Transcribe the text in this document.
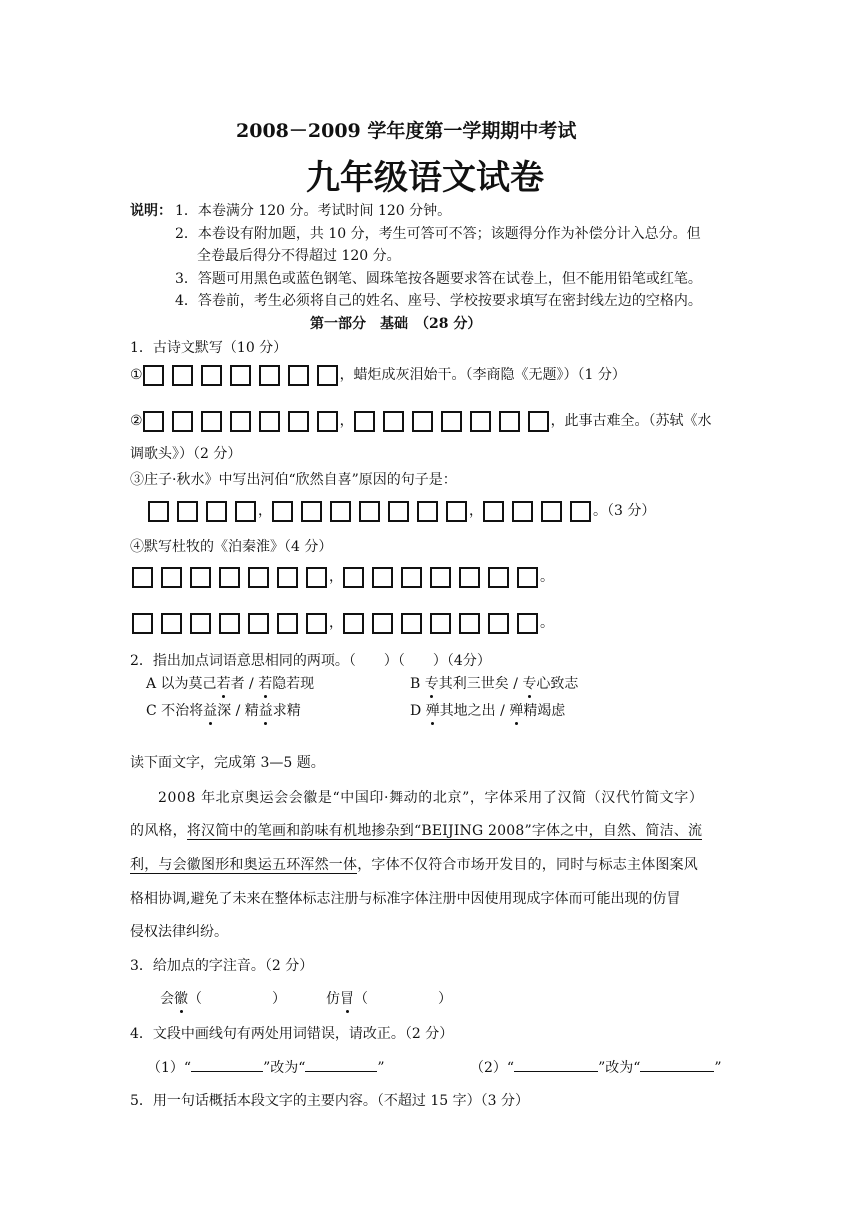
2008－2009 学年度第一学期期中考试
九年级语文试卷
说明： 1．本卷满分 120 分。考试时间 120 分钟。
2．本卷设有附加题，共 10 分，考生可答可不答；该题得分作为补偿分计入总分。但
全卷最后得分不得超过 120 分。
3．答题可用黑色或蓝色钢笔、圆珠笔按各题要求答在试卷上，但不能用铅笔或红笔。
4．答卷前，考生必须将自己的姓名、座号、学校按要求填写在密封线左边的空格内。
第一部分　基础　（28 分）
1．古诗文默写（10 分）
①	，蜡炬成灰泪始干。（李商隐《无题》）（1 分）
②	，	，此事古难全。（苏轼《水
调歌头》）（2 分）
③庄子·秋水》中写出河伯“欣然自喜”原因的句子是：
，	，	。（3 分）
④默写杜牧的《泊秦淮》（4 分）
，	。
，	。
2．指出加点词语意思相同的两项。（　　）（　　）（4分）
A 以为莫己若者 / 若隐若现	B 专其利三世矣 / 专心致志
C 不治将益深 / 精益求精	D 殚其地之出 / 殚精竭虑
读下面文字，完成第 3—5 题。
2008 年北京奥运会会徽是“中国印·舞动的北京”，字体采用了汉简（汉代竹简文字）
的风格，将汉简中的笔画和韵味有机地掺杂到“BEIJING 2008”字体之中，自然、简洁、流
利，与会徽图形和奥运五环浑然一体，字体不仅符合市场开发目的，同时与标志主体图案风
格相协调,避免了未来在整体标志注册与标准字体注册中因使用现成字体而可能出现的仿冒
侵权法律纠纷。
3．给加点的字注音。（2 分）
会徽（　　　　　）	仿冒（　　　　　）
4．文段中画线句有两处用词错误，请改正。（2 分）
（1）“	”改为“	”	（2）“	”改为“	”
5．用一句话概括本段文字的主要内容。（不超过 15 字）（3 分）
